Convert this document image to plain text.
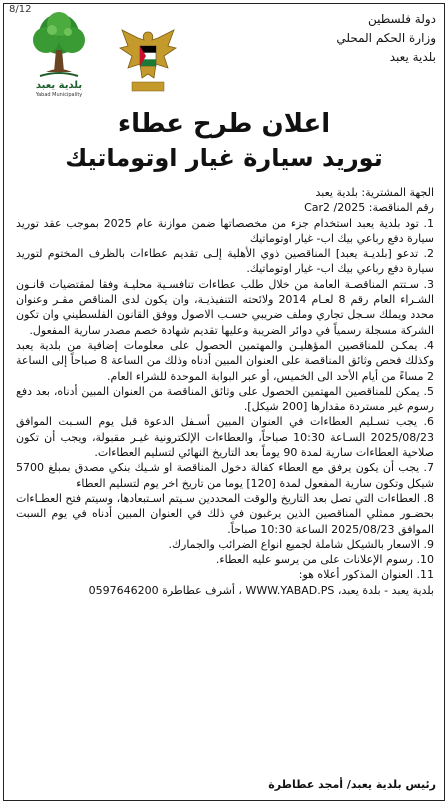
8/12
دولة فلسطين
وزارة الحكم المحلي
بلدية يعبد
بلدية يعبد
Yabad Municipality
اعلان طرح عطاء
توريد سيارة غيار اوتوماتيك

الجهة المشترية: بلدية يعبد

رقم المناقصة: 2025/ Car2

1. تود بلدية يعبد استخدام جزء من مخصصاتها ضمن موازنة عام 2025 بموجب عقد توريد سيارة دفع رباعي بيك اب- غيار اوتوماتيك

2. تدعو [بلديـة يعبد] المناقصين ذوي الأهلية إلـى تقديم عطاءات بالظرف المختوم لتوريد سيارة دفع رباعي بيك اب- غيار اوتوماتيك.

3. سـتتم المناقصـة العامة من خلال طلب عطاءات تنافسـية محليـة وفقا لمقتضيات قانـون الشـراء العام رقم 8 لعـام 2014 ولائحته التنفيذيـة، وان يكون لدى المناقص مقـر وعنوان محدد ويملك سـجل تجاري وملف ضريبي حسـب الاصول ووفق القانون الفلسطيني وان تكون الشركة مسجلة رسمياً في دوائر الضريبة وعليها تقديم شهادة خصم مصدر سارية المفعول.

4. يمكـن للمناقصين المؤهليـن والمهتمين الحصول على معلومات إضافية من بلدية يعبد وكذلك فحص وثائق المناقصة على العنوان المبين أدناه وذلك من الساعة 8 صباحاً إلى الساعة 2 مساءً من أيام الأحد الى الخميس، أو عبر البوابة الموحدة للشراء العام.

5. يمكن للمناقصين المهتمين الحصول على وثائق المناقصة من العنوان المبين أدناه، بعد دفع رسوم غير مستردة مقدارها [200 شيكل].

6. يجب تسـليم العطاءات في العنوان المبين أسـفل الدعوة قبل يوم السـبت الموافق 2025/08/23 السـاعة 10:30 صباحاً، والعطاءات الإلكترونية غيـر مقبولة، ويجب أن تكون صلاحية العطاءات سارية لمدة 90 يوماً بعد التاريخ النهائي لتسليم العطاءات.

7. يجب أن يكون يرفق مع العطاء كفالة دخول المناقصة او شـيك بنكي مصدق بمبلغ 5700 شيكل وتكون سارية المفعول لمدة [120] يوما من تاريخ اخر يوم لتسليم العطاء

8. العطاءات التي تصل بعد التاريخ والوقت المحددين سـيتم اسـتبعادها، وسيتم فتح العطـاءات بحضـور ممثلي المناقصين الذين يرغبون في ذلك في العنوان المبين أدناه في يوم السبت الموافق 2025/08/23 الساعة 10:30 صباحاً.

9. الاسعار بالشيكل شاملة لجميع انواع الضرائب والجمارك.

10. رسوم الإعلانات على من يرسو عليه العطاء.

11. العنوان المذكور أعلاه هو:

بلدية يعبد - بلدة يعبد، WWW.YABAD.PS ، أشرف عطاطرة 0597646200

رئيس بلدية يعبد/ أمجد عطاطرة
